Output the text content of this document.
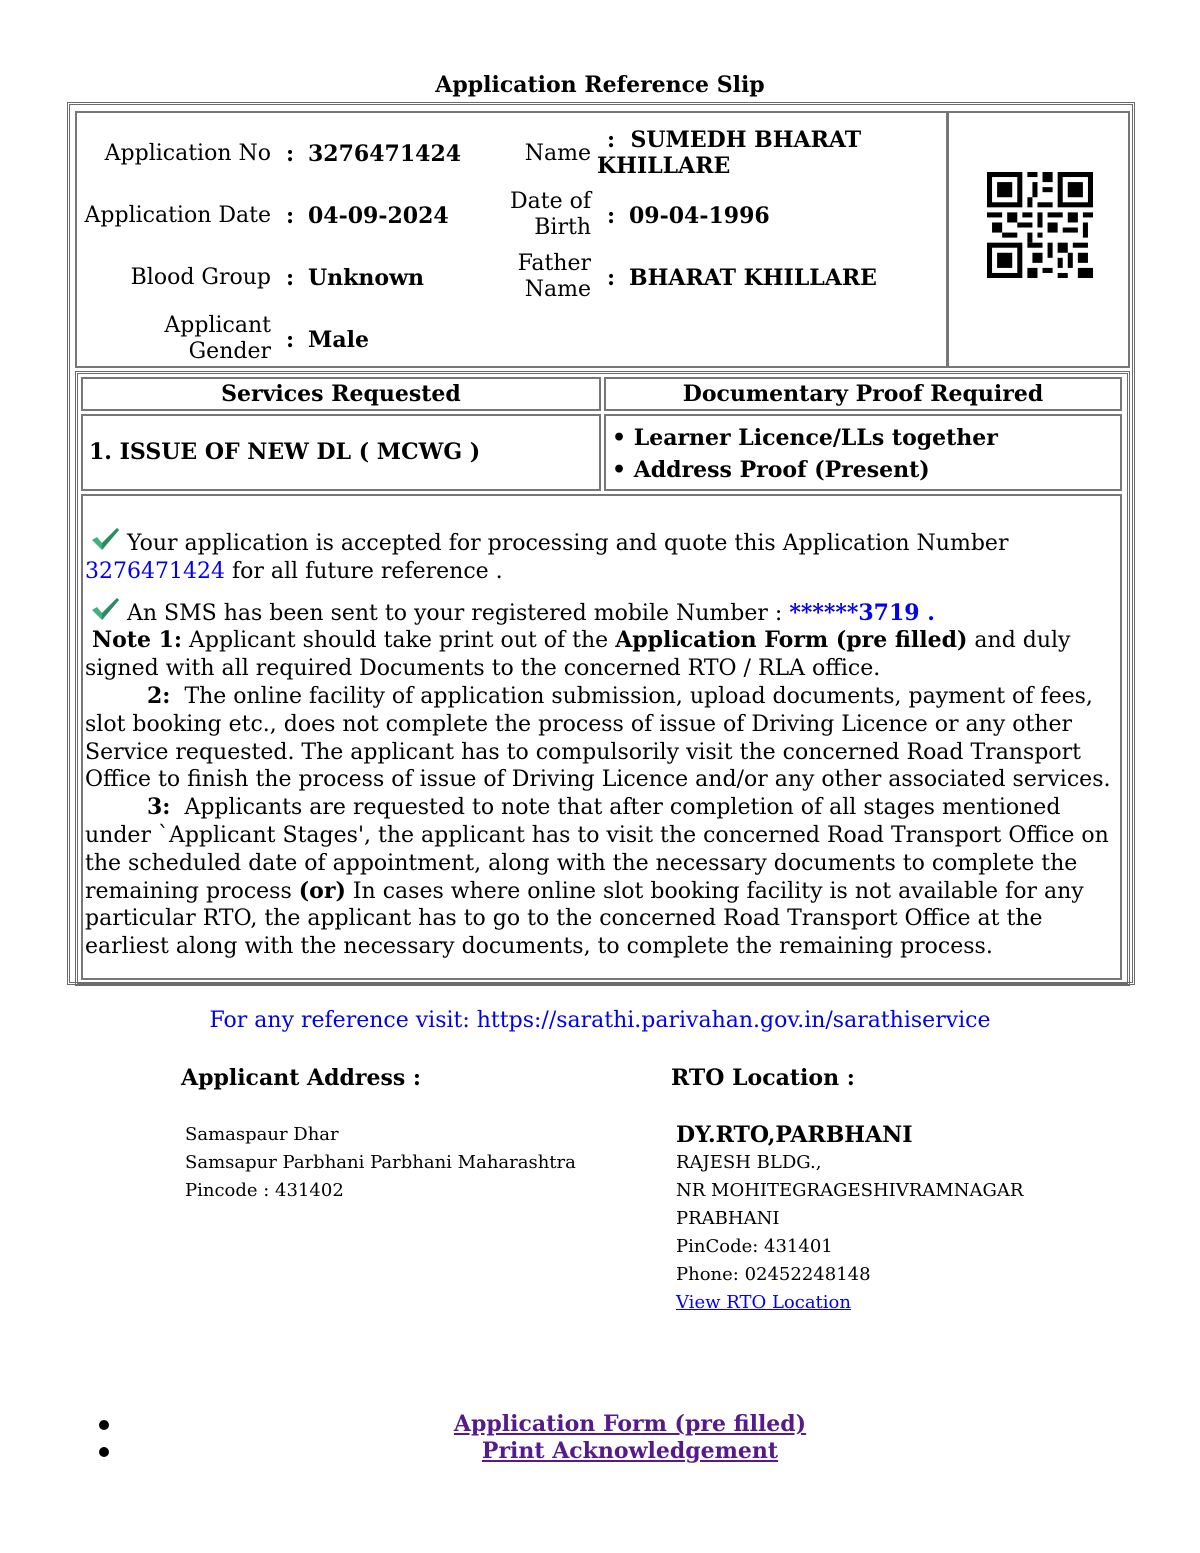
Application Reference Slip
Application No : 3276471424
Application Date : 04-09-2024
Blood Group : Unknown
Applicant
Gender : Male
Name
: SUMEDH BHARAT
KHILLARE
Date of
Birth : 09-04-1996
Father
Name : BHARAT KHILLARE
Services Requested	Documentary Proof Required
1. ISSUE OF NEW DL ( MCWG )
• Learner Licence/LLs together
• Address Proof (Present)

Your application is accepted for processing and quote this Application Number
3276471424 for all future reference .

An SMS has been sent to your registered mobile Number : ******3719 .

Note 1: Applicant should take print out of the Application Form (pre filled) and duly signed with all required Documents to the concerned RTO / RLA office.

2: The online facility of application submission, upload documents, payment of fees, slot booking etc., does not complete the process of issue of Driving Licence or any other Service requested. The applicant has to compulsorily visit the concerned Road Transport Office to finish the process of issue of Driving Licence and/or any other associated services.

3: Applicants are requested to note that after completion of all stages mentioned under `Applicant Stages', the applicant has to visit the concerned Road Transport Office on the scheduled date of appointment, along with the necessary documents to complete the remaining process (or) In cases where online slot booking facility is not available for any particular RTO, the applicant has to go to the concerned Road Transport Office at the earliest along with the necessary documents, to complete the remaining process.

For any reference visit: https://sarathi.parivahan.gov.in/sarathiservice
Applicant Address :
Samaspaur Dhar
Samsapur Parbhani Parbhani Maharashtra
Pincode : 431402
RTO Location :
DY.RTO,PARBHANI
RAJESH BLDG.,
NR MOHITEGRAGESHIVRAMNAGAR
PRABHANI
PinCode: 431401
Phone: 02452248148
View RTO Location
Application Form (pre filled)
Print Acknowledgement
